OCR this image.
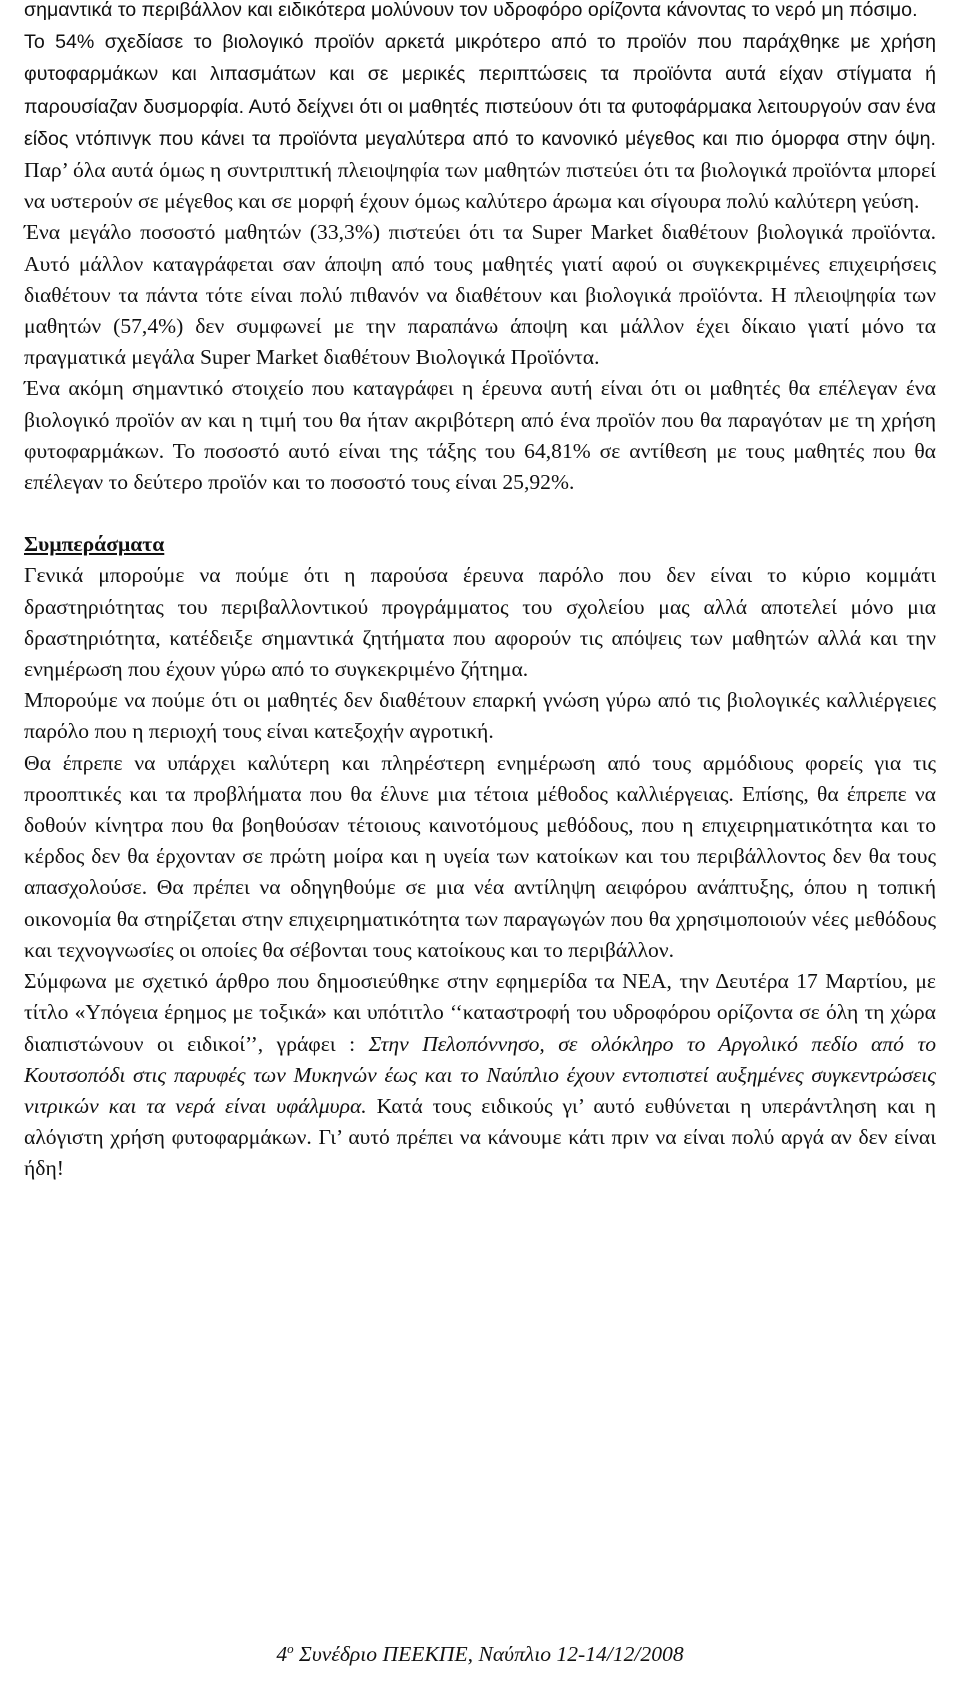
σημαντικά το περιβάλλον και ειδικότερα μολύνουν τον υδροφόρο ορίζοντα κάνοντας το νερό μη πόσιμο.

Το 54% σχεδίασε το βιολογικό προϊόν αρκετά μικρότερο από το προϊόν που παράχθηκε με χρήση φυτοφαρμάκων και λιπασμάτων και σε μερικές περιπτώσεις τα προϊόντα αυτά είχαν στίγματα ή παρουσίαζαν δυσμορφία. Αυτό δείχνει ότι οι μαθητές πιστεύουν ότι τα φυτοφάρμακα λειτουργούν σαν ένα είδος ντόπινγκ που κάνει τα προϊόντα μεγαλύτερα από το κανονικό μέγεθος και πιο όμορφα στην όψη. Παρ’ όλα αυτά όμως η συντριπτική πλειοψηφία των μαθητών πιστεύει ότι τα βιολογικά προϊόντα μπορεί να υστερούν σε μέγεθος και σε μορφή έχουν όμως καλύτερο άρωμα και σίγουρα πολύ καλύτερη γεύση.

Ένα μεγάλο ποσοστό μαθητών (33,3%) πιστεύει ότι τα Super Market διαθέτουν βιολογικά προϊόντα. Αυτό μάλλον καταγράφεται σαν άποψη από τους μαθητές γιατί αφού οι συγκεκριμένες επιχειρήσεις διαθέτουν τα πάντα τότε είναι πολύ πιθανόν να διαθέτουν και βιολογικά προϊόντα. Η πλειοψηφία των μαθητών (57,4%) δεν συμφωνεί με την παραπάνω άποψη και μάλλον έχει δίκαιο γιατί μόνο τα πραγματικά μεγάλα Super Market διαθέτουν Βιολογικά Προϊόντα.

Ένα ακόμη σημαντικό στοιχείο που καταγράφει η έρευνα αυτή είναι ότι οι μαθητές θα επέλεγαν ένα βιολογικό προϊόν αν και η τιμή του θα ήταν ακριβότερη από ένα προϊόν που θα παραγόταν με τη χρήση φυτοφαρμάκων. Το ποσοστό αυτό είναι της τάξης του 64,81% σε αντίθεση με τους μαθητές που θα επέλεγαν το δεύτερο προϊόν και το ποσοστό τους είναι 25,92%.

Συμπεράσματα

Γενικά μπορούμε να πούμε ότι η παρούσα έρευνα παρόλο που δεν είναι το κύριο κομμάτι δραστηριότητας του περιβαλλοντικού προγράμματος του σχολείου μας αλλά αποτελεί μόνο μια δραστηριότητα, κατέδειξε σημαντικά ζητήματα που αφορούν τις απόψεις των μαθητών αλλά και την ενημέρωση που έχουν γύρω από το συγκεκριμένο ζήτημα.

Μπορούμε να πούμε ότι οι μαθητές δεν διαθέτουν επαρκή γνώση γύρω από τις βιολογικές καλλιέργειες παρόλο που η περιοχή τους είναι κατεξοχήν αγροτική.

Θα έπρεπε να υπάρχει καλύτερη και πληρέστερη ενημέρωση από τους αρμόδιους φορείς για τις προοπτικές και τα προβλήματα που θα έλυνε μια τέτοια μέθοδος καλλιέργειας. Επίσης, θα έπρεπε να δοθούν κίνητρα που θα βοηθούσαν τέτοιους καινοτόμους μεθόδους, που η επιχειρηματικότητα και το κέρδος δεν θα έρχονταν σε πρώτη μοίρα και η υγεία των κατοίκων και του περιβάλλοντος δεν θα τους απασχολούσε. Θα πρέπει να οδηγηθούμε σε μια νέα αντίληψη αειφόρου ανάπτυξης, όπου η τοπική οικονομία θα στηρίζεται στην επιχειρηματικότητα των παραγωγών που θα χρησιμοποιούν νέες μεθόδους και τεχνογνωσίες οι οποίες θα σέβονται τους κατοίκους και το περιβάλλον.

Σύμφωνα με σχετικό άρθρο που δημοσιεύθηκε στην εφημερίδα τα ΝΕΑ, την Δευτέρα 17 Μαρτίου, με τίτλο «Υπόγεια έρημος με τοξικά» και υπότιτλο ‘‘καταστροφή του υδροφόρου ορίζοντα σε όλη τη χώρα διαπιστώνουν οι ειδικοί’’, γράφει : Στην Πελοπόννησο, σε ολόκληρο το Αργολικό πεδίο από το Κουτσοπόδι στις παρυφές των Μυκηνών έως και το Ναύπλιο έχουν εντοπιστεί αυξημένες συγκεντρώσεις νιτρικών και τα νερά είναι υφάλμυρα. Κατά τους ειδικούς γι’ αυτό ευθύνεται η υπεράντληση και η αλόγιστη χρήση φυτοφαρμάκων. Γι’ αυτό πρέπει να κάνουμε κάτι πριν να είναι πολύ αργά αν δεν είναι ήδη!

$4^o$ Συνέδριο ΠΕΕΚΠΕ, Ναύπλιο 12-14/12/2008
